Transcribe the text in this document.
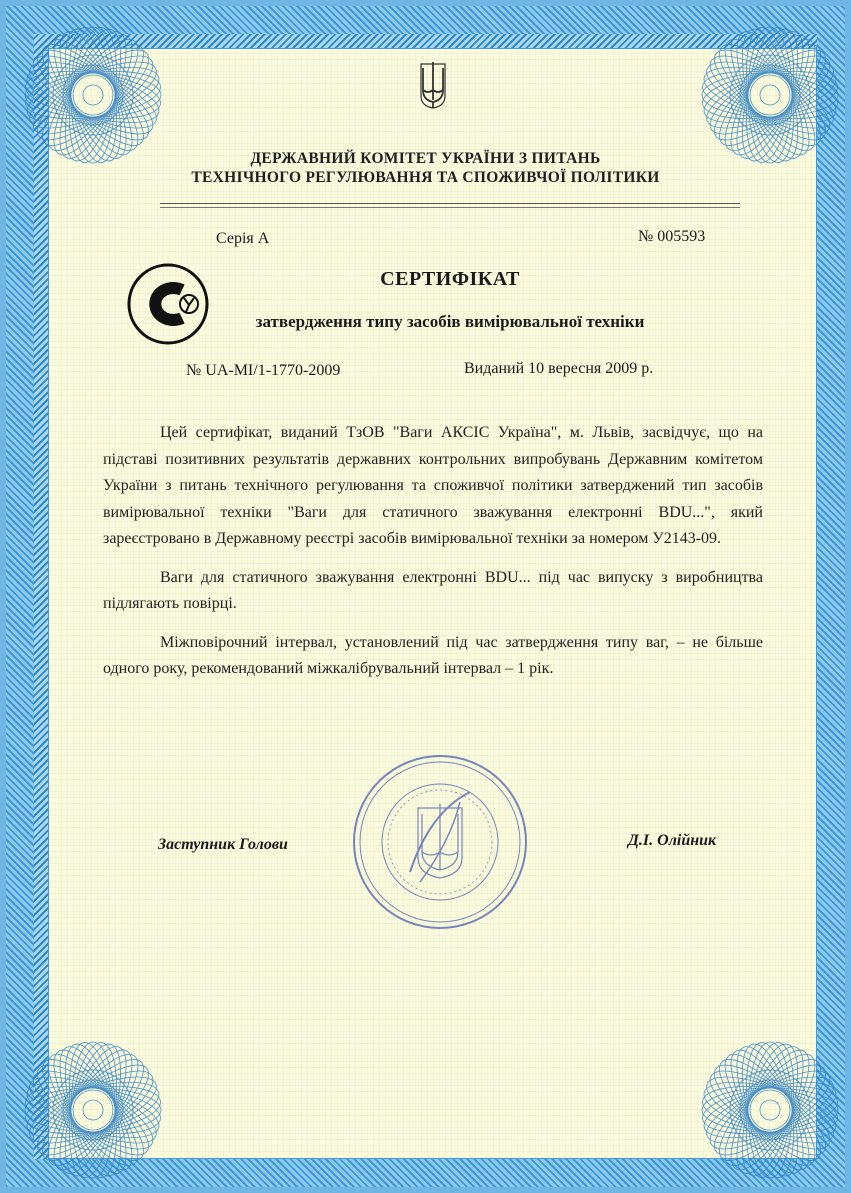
ДЕРЖАВНИЙ КОМІТЕТ УКРАЇНИ З ПИТАНЬ
ТЕХНІЧНОГО РЕГУЛЮВАННЯ ТА СПОЖИВЧОЇ ПОЛІТИКИ
Серія А	№ 005593
СЕРТИФІКАТ
затвердження типу засобів вимірювальної техніки
№ UA-MI/1-1770-2009	Виданий 10 вересня 2009 р.

Цей сертифікат, виданий ТзОВ "Ваги АКСІС Україна", м. Львів, засвідчує, що на підставі позитивних результатів державних контрольних випробувань Державним комітетом України з питань технічного регулювання та споживчої політики затверджений тип засобів вимірювальної техніки "Ваги для статичного зважування електронні BDU...", який зареєстровано в Державному реєстрі засобів вимірювальної техніки за номером У2143-09.

Ваги для статичного зважування електронні BDU... під час випуску з виробництва підлягають повірці.

Міжповірочний інтервал, установлений під час затвердження типу ваг, – не більше одного року, рекомендований міжкалібрувальний інтервал – 1 рік.

Заступник Голови	Д.І. Олійник
